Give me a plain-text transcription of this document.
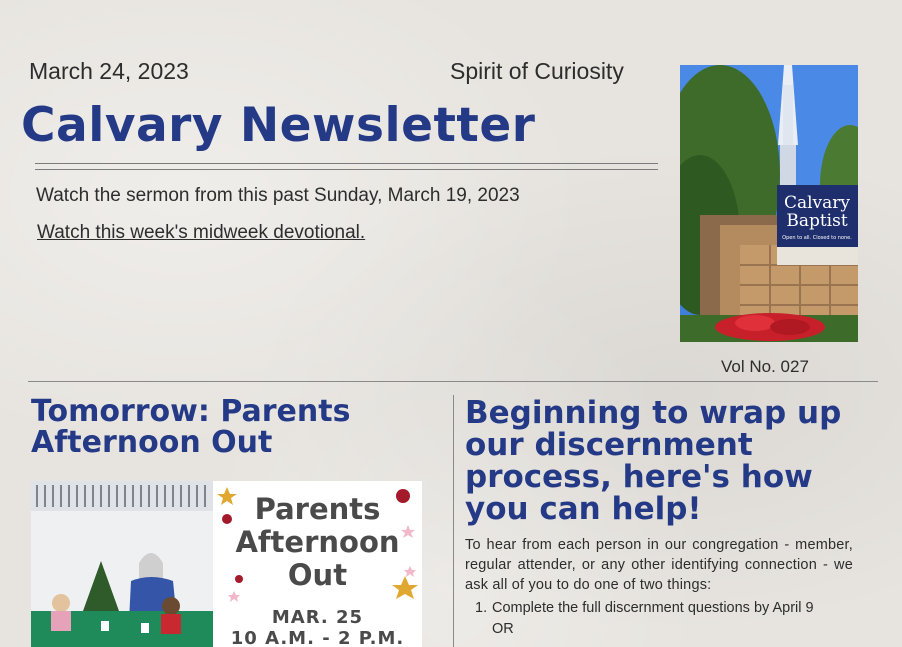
March 24, 2023	Spirit of Curiosity
Calvary Newsletter
Watch the sermon from this past Sunday, March 19, 2023
Watch this week's midweek devotional.
Calvary
Baptist
Open to all. Closed to none.
Vol No. 027
Tomorrow: Parents Afternoon Out
Parents
Afternoon
Out
MAR. 25
10 A.M. - 2 P.M.
Beginning to wrap up our discernment process, here's how you can help!
To hear from each person in our congregation - member, regular attender, or any other identifying connection - we ask all of you to do one of two things:
1. Complete the full discernment questions by April 9
OR
